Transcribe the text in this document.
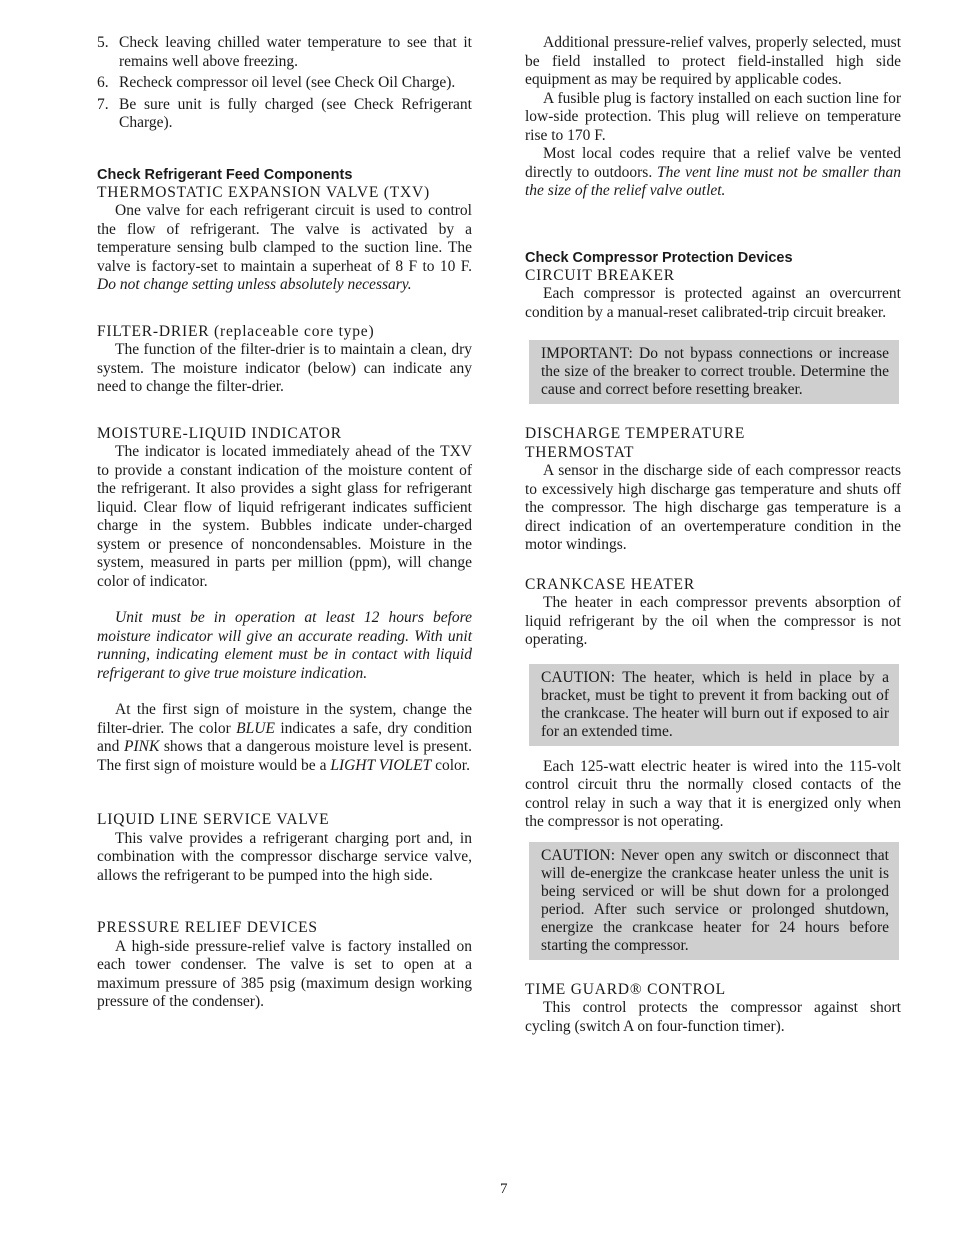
5. Check leaving chilled water temperature to see that it remains well above freezing.
6. Recheck compressor oil level (see Check Oil Charge).
7. Be sure unit is fully charged (see Check Refrigerant Charge).
Check Refrigerant Feed Components
THERMOSTATIC EXPANSION VALVE (TXV)

One valve for each refrigerant circuit is used to control the flow of refrigerant. The valve is activated by a temperature sensing bulb clamped to the suction line. The valve is factory-set to maintain a superheat of 8 F to 10 F. Do not change setting unless absolutely necessary.

FILTER-DRIER (replaceable core type)

The function of the filter-drier is to maintain a clean, dry system. The moisture indicator (below) can indicate any need to change the filter-drier.

MOISTURE-LIQUID INDICATOR

The indicator is located immediately ahead of the TXV to provide a constant indication of the moisture content of the refrigerant. It also provides a sight glass for refrigerant liquid. Clear flow of liquid refrigerant indicates sufficient charge in the system. Bubbles indicate under-charged system or presence of noncondensables. Moisture in the system, measured in parts per million (ppm), will change color of indicator.

Unit must be in operation at least 12 hours before moisture indicator will give an accurate reading. With unit running, indicating element must be in contact with liquid refrigerant to give true moisture indication.

At the first sign of moisture in the system, change the filter-drier. The color BLUE indicates a safe, dry condition and PINK shows that a dangerous moisture level is present. The first sign of moisture would be a LIGHT VIOLET color.

LIQUID LINE SERVICE VALVE

This valve provides a refrigerant charging port and, in combination with the compressor discharge service valve, allows the refrigerant to be pumped into the high side.

PRESSURE RELIEF DEVICES

A high-side pressure-relief valve is factory installed on each tower condenser. The valve is set to open at a maximum pressure of 385 psig (maximum design working pressure of the condenser).

Additional pressure-relief valves, properly selected, must be field installed to protect field-installed high side equipment as may be required by applicable codes.

A fusible plug is factory installed on each suction line for low-side protection. This plug will relieve on temperature rise to 170 F.

Most local codes require that a relief valve be vented directly to outdoors. The vent line must not be smaller than the size of the relief valve outlet.

Check Compressor Protection Devices
CIRCUIT BREAKER

Each compressor is protected against an overcurrent condition by a manual-reset calibrated-trip circuit breaker.

IMPORTANT: Do not bypass connections or increase the size of the breaker to correct trouble. Determine the cause and correct before resetting breaker.
DISCHARGE TEMPERATURE
THERMOSTAT

A sensor in the discharge side of each compressor reacts to excessively high discharge gas temperature and shuts off the compressor. The high discharge gas temperature is a direct indication of an overtemperature condition in the motor windings.

CRANKCASE HEATER

The heater in each compressor prevents absorption of liquid refrigerant by the oil when the compressor is not operating.

CAUTION: The heater, which is held in place by a bracket, must be tight to prevent it from backing out of the crankcase. The heater will burn out if exposed to air for an extended time.

Each 125-watt electric heater is wired into the 115-volt control circuit thru the normally closed contacts of the control relay in such a way that it is energized only when the compressor is not operating.

CAUTION: Never open any switch or disconnect that will de-energize the crankcase heater unless the unit is being serviced or will be shut down for a prolonged period. After such service or prolonged shutdown, energize the crankcase heater for 24 hours before starting the compressor.
TIME GUARD® CONTROL

This control protects the compressor against short cycling (switch A on four-function timer).

7
